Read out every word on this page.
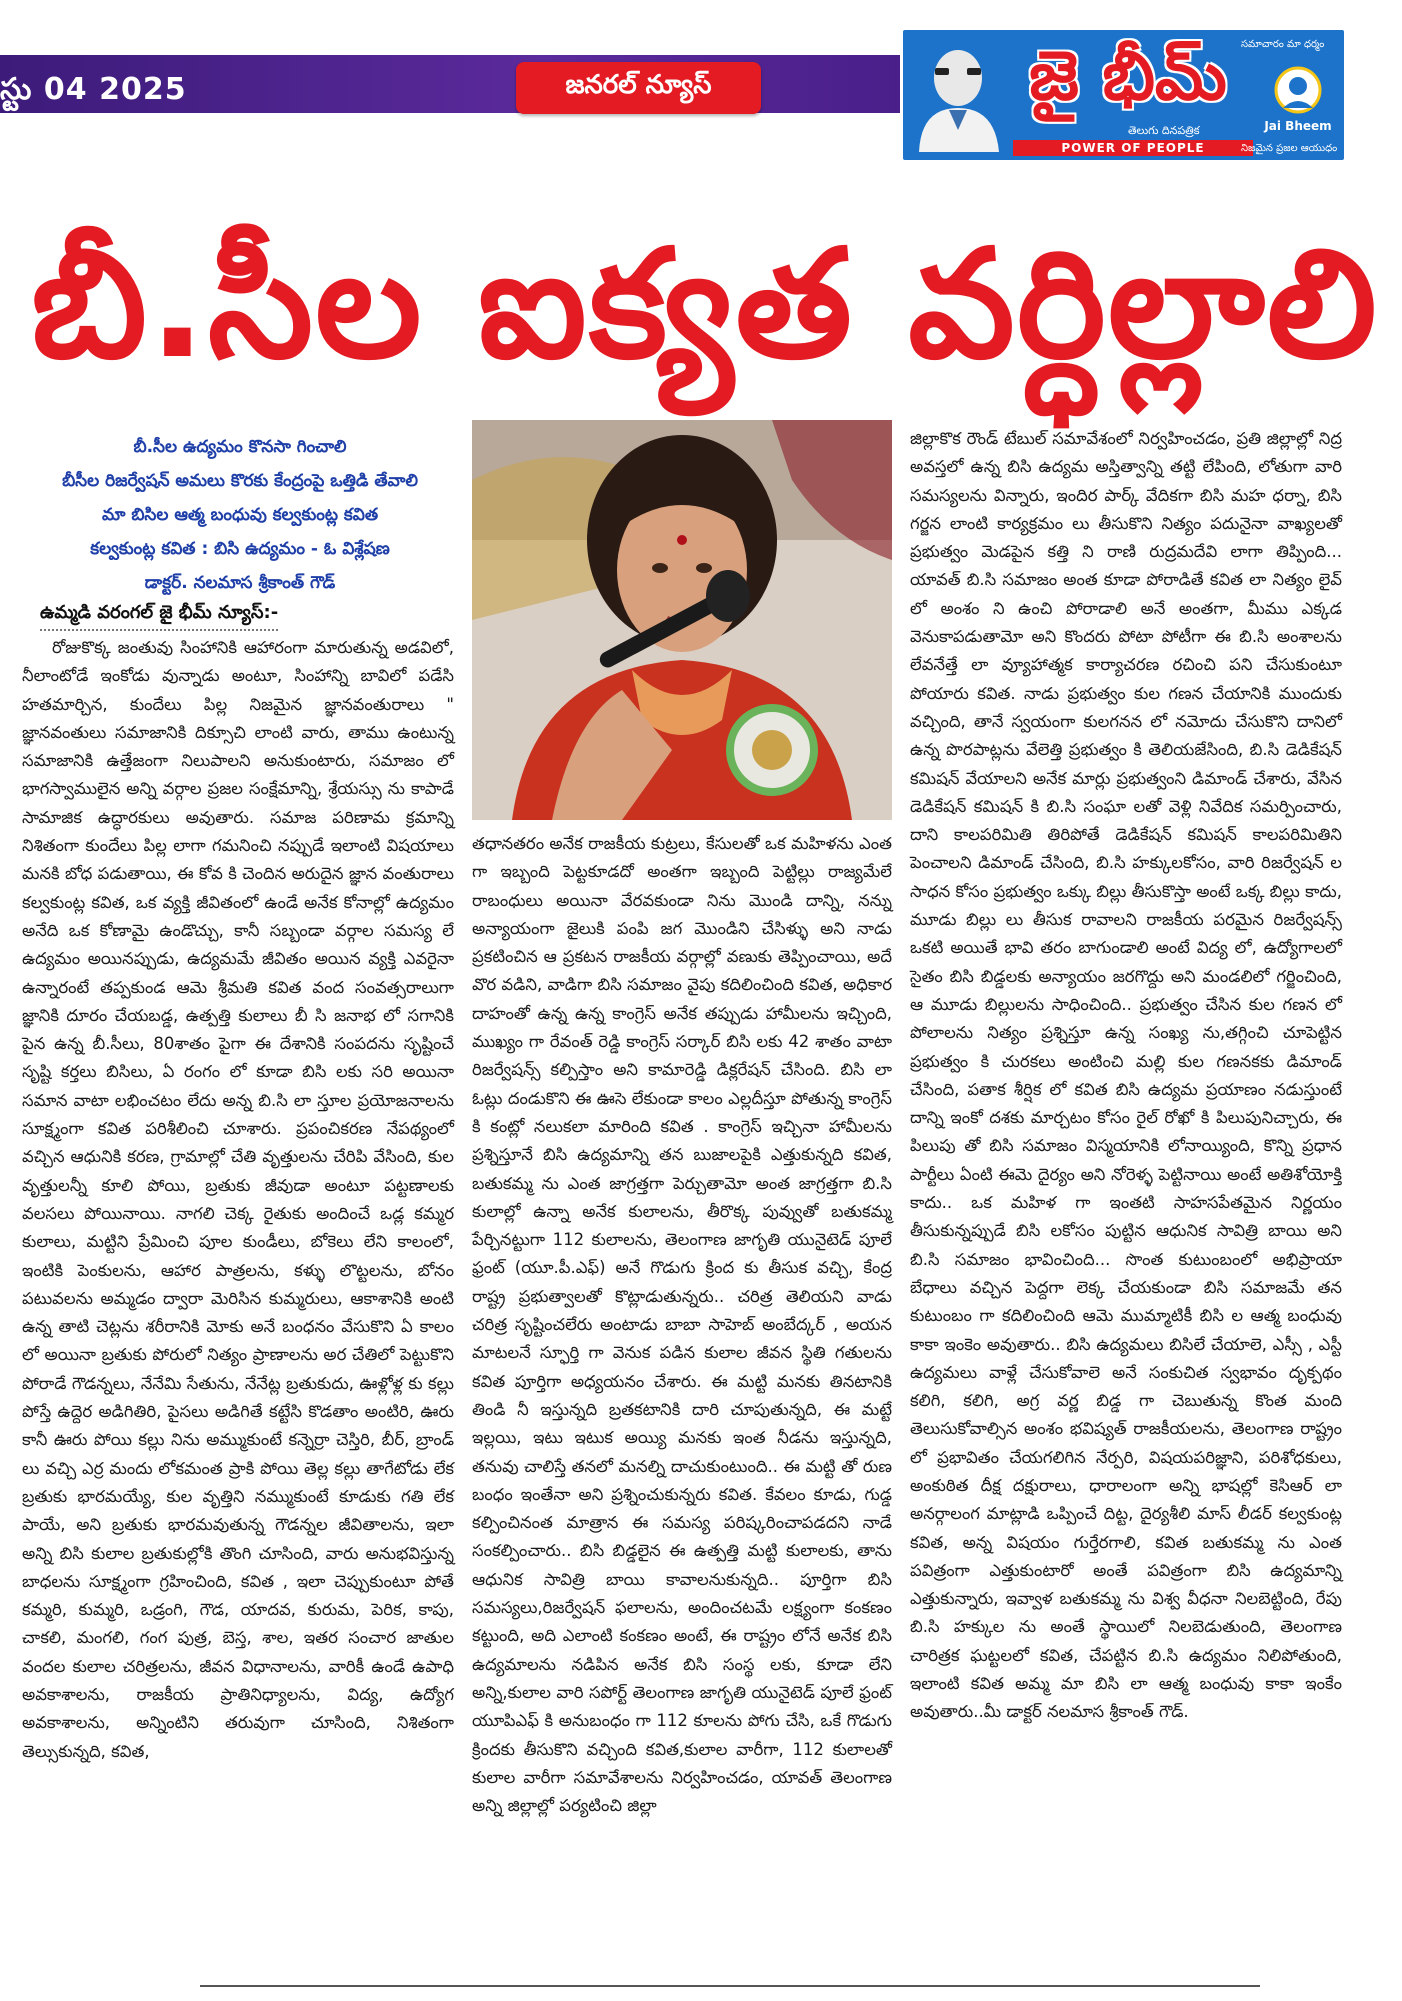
స్టు 04 2025	జనరల్ న్యూస్
సమాచారం మా ధర్మం
జై భీమ్
తెలుగు దినపత్రిక
POWER OF PEOPLE
Jai Bheem
నిజమైన ప్రజల ఆయుధం
బీ.సీల ఐక్యత వర్ధిల్లాలి
బీ.సీల ఉద్యమం కొనసా గించాలి
బీసీల రిజర్వేషన్ అమలు కొరకు కేంద్రంపై ఒత్తిడి తేవాలి
మా బిసిల ఆత్మ బంధువు కల్వకుంట్ల కవిత
కల్వకుంట్ల కవిత : బిసి ఉద్యమం - ఓ విశ్లేషణ
డాక్టర్. నలమాస శ్రీకాంత్ గౌడ్
ఉమ్మడి వరంగల్ జై భీమ్ న్యూస్:-

రోజుకొక్క జంతువు సింహానికి ఆహారంగా మారుతున్న అడవిలో, నీలాంటోడే ఇంకోడు వున్నాడు అంటూ, సింహాన్ని బావిలో పడేసి హతమార్చిన, కుందేలు పిల్ల నిజమైన జ్ఞానవంతురాలు " జ్ఞానవంతులు సమాజానికి దిక్సూచి లాంటి వారు, తాము ఉంటున్న సమాజానికి ఉత్తేజంగా నిలుపాలని అనుకుంటారు, సమాజం లో భాగస్వాములైన అన్ని వర్గాల ప్రజల సంక్షేమాన్ని, శ్రేయస్సు ను కాపాడే సామాజిక ఉద్ధారకులు అవుతారు. సమాజ పరిణామ క్రమాన్ని నిశితంగా కుందేలు పిల్ల లాగా గమనించి నప్పుడే ఇలాంటి విషయాలు మనకి బోధ పడుతాయి, ఈ కోవ కి చెందిన అరుదైన జ్ఞాన వంతురాలు కల్వకుంట్ల కవిత, ఒక వ్యక్తి జీవితంలో ఉండే అనేక కోనాల్లో ఉద్యమం అనేది ఒక కోణామై ఉండొచ్చు, కానీ సబ్బండా వర్గాల సమస్య లే ఉద్యమం అయినప్పుడు, ఉద్యమమే జీవితం అయిన వ్యక్తి ఎవరైనా ఉన్నారంటే తప్పకుండ ఆమె శ్రీమతి కవిత వంద సంవత్సరాలుగా జ్ఞానికి దూరం చేయబడ్డ, ఉత్పత్తి కులాలు బీ సి జనాభ లో సగానికి పైన ఉన్న బీ.సీలు, 80శాతం పైగా ఈ దేశానికి సంపదను సృష్టించే సృష్టి కర్తలు బిసిలు, ఏ రంగం లో కూడా బిసి లకు సరి అయినా సమాన వాటా లభించటం లేదు అన్న బి.సి లా స్తూల ప్రయోజనాలను సూక్ష్మంగా కవిత పరిశీలించి చూశారు. ప్రపంచికరణ నేపథ్యంలో వచ్చిన ఆధునికి కరణ, గ్రామాల్లో చేతి వృత్తులను చేరిపి వేసింది, కుల వృత్తులన్నీ కూలి పోయి, బ్రతుకు జీవుడా అంటూ పట్టణాలకు వలసలు పోయినాయి. నాగలి చెక్క రైతుకు అందించే ఒడ్ల కమ్మర కులాలు, మట్టిని ప్రేమించి పూల కుండీలు, బోకెలు లేని కాలంలో, ఇంటికి పెంకులను, ఆహార పాత్రలను, కళ్ళు లొట్టలను, బోనం పటువలను అమ్మడం ద్వారా మెరిసిన కుమ్మరులు, ఆకాశానికి అంటి ఉన్న తాటి చెట్లను శరీరానికి మోకు అనే బంధనం వేసుకొని ఏ కాలం లో అయినా బ్రతుకు పోరులో నిత్యం ప్రాణాలను అర చేతిలో పెట్టుకొని పోరాడే గౌడన్నలు, నేనేమి సేతును, నేనేట్ల బ్రతుకుదు, ఊళ్లోళ్ల కు కల్లు పోస్తే ఉద్దెర అడిగితిరి, పైసలు అడిగితే కట్టేసి కొడతాం అంటిరి, ఊరు కానీ ఊరు పోయి కల్లు నిను అమ్ముకుంటే కన్నెర్రా చెస్తిరి, బీర్, బ్రాండ్ లు వచ్చి ఎర్ర మందు లోకమంత ప్రాకి పోయి తెల్ల కల్లు తాగేటోడు లేక బ్రతుకు భారమయ్యే, కుల వృత్తిని నమ్ముకుంటే కూడుకు గతి లేక పాయే, అని బ్రతుకు భారమవుతున్న గౌడన్నల జీవితాలను, ఇలా అన్ని బిసి కులాల బ్రతుకుల్లోకి తొంగి చూసింది, వారు అనుభవిస్తున్న బాధలను సూక్ష్మంగా గ్రహించింది, కవిత , ఇలా చెప్పుకుంటూ పోతే కమ్మరి, కుమ్మరి, ఒడ్రంగి, గౌడ, యాదవ, కురుమ, పెరిక, కాపు, చాకలి, మంగలి, గంగ పుత్ర, బెస్త, శాల, ఇతర సంచార జాతుల వందల కులాల చరిత్రలను, జీవన విధానాలను, వారికీ ఉండే ఉపాధి అవకాశాలను, రాజకీయ ప్రాతినిధ్యాలను, విద్య, ఉద్యోగ అవకాశాలను, అన్నింటిని తరువుగా చూసింది, నిశితంగా తెల్సుకున్నది, కవిత,

తధానతరం అనేక రాజకీయ కుట్రలు, కేసులతో ఒక మహిళను ఎంత గా ఇబ్బంది పెట్టకూడదో అంతగా ఇబ్బంది పెట్టిల్లు రాజ్యమేలే రాబంధులు అయినా వేరవకుండా నిను మొండి దాన్ని, నన్ను అన్యాయంగా జైలుకి పంపి జగ మొండిని చేసిళ్ళు అని నాడు ప్రకటించిన ఆ ప్రకటన రాజకీయ వర్గాల్లో వణుకు తెప్పించాయి, అదే వొర వడిని, వాడిగా బిసి సమాజం వైపు కదిలించింది కవిత, అధికార దాహంతో ఉన్న ఉన్న కాంగ్రెస్ అనేక తప్పుడు హామీలను ఇచ్చింది, ముఖ్యం గా రేవంత్ రెడ్డి కాంగ్రెస్ సర్కార్ బిసి లకు 42 శాతం వాటా రిజర్వేషన్స్ కల్పిస్తాం అని కామారెడ్డి డిక్లరేషన్ చేసింది. బిసి లా ఓట్లు దండుకొని ఈ ఊసె లేకుండా కాలం ఎల్లదీస్తూ పోతున్న కాంగ్రెస్ కి కంట్లో నలుకలా మారింది కవిత . కాంగ్రెస్ ఇచ్చినా హామీలను ప్రశ్నిస్తూనే బిసి ఉద్యమాన్ని తన బుజాలపైకి ఎత్తుకున్నది కవిత, బతుకమ్మ ను ఎంత జాగ్రత్తగా పెర్చుతామో అంత జాగ్రత్తగా బి.సి కులాల్లో ఉన్నా అనేక కులాలను, తీరొక్క పువ్వుతో బతుకమ్మ పేర్చినట్టుగా 112 కులాలను, తెలంగాణ జాగృతి యునైటెడ్ పూలే ఫ్రంట్ (యూ.పీ.ఎఫ్) అనే గొడుగు క్రింద కు తీసుక వచ్చి, కేంద్ర రాష్ట్ర ప్రభుత్వాలతో కొట్లాడుతున్నరు.. చరిత్ర తెలియని వాడు చరిత్ర సృష్టించలేరు అంటాడు బాబా సాహెబ్ అంబేద్కర్ , అయన మాటలనే స్ఫూర్తి గా వెనుక పడిన కులాల జీవన స్థితి గతులను కవిత పూర్తిగా అధ్యయనం చేశారు. ఈ మట్టి మనకు తినటానికి తిండి నీ ఇస్తున్నది బ్రతకటానికి దారి చూపుతున్నది, ఈ మట్టే ఇల్లయి, ఇటు ఇటుక అయ్యి మనకు ఇంత నీడను ఇస్తున్నది, తనువు చాలిస్తే తనలో మనల్ని దాచుకుంటుంది.. ఈ మట్టి తో రుణ బంధం ఇంతేనా అని ప్రశ్నించుకున్నరు కవిత. కేవలం కూడు, గుడ్డ కల్పించినంత మాత్రాన ఈ సమస్య పరిష్కరించాపడదని నాడే సంకల్పించారు.. బిసి బిడ్డలైన ఈ ఉత్పత్తి మట్టి కులాలకు, తాను ఆధునిక సావిత్రి బాయి కావాలనుకున్నది.. పూర్తిగా బిసి సమస్యలు,రిజర్వేషన్ ఫలాలను, అందించటమే లక్ష్యంగా కంకణం కట్టుంది, అది ఎలాంటి కంకణం అంటే, ఈ రాష్ట్రం లోనే అనేక బిసి ఉద్యమాలను నడిపిన అనేక బిసి సంస్థ లకు, కూడా లేని అన్ని,కులాల వారి సపోర్ట్ తెలంగాణ జాగృతి యునైటెడ్ పూలే ఫ్రంట్ యూపిఎఫ్ కి అనుబంధం గా 112 కూలను పోగు చేసి, ఒకే గొడుగు క్రిందకు తీసుకొని వచ్చింది కవిత,కులాల వారీగా, 112 కులాలతో కులాల వారీగా సమావేశాలను నిర్వహించడం, యావత్ తెలంగాణ అన్ని జిల్లాల్లో పర్యటించి జిల్లా

జిల్లాకొక రౌండ్ టేబుల్ సమావేశంలో నిర్వహించడం, ప్రతి జిల్లాల్లో నిద్ర అవస్తలో ఉన్న బిసి ఉద్యమ అస్తిత్వాన్ని తట్టి లేపింది, లోతుగా వారి సమస్యలను విన్నారు, ఇందిర పార్క్ వేదికగా బిసి మహ ధర్నా, బిసి గర్జన లాంటి కార్యక్రమం లు తీసుకొని నిత్యం పదునైనా వాఖ్యలతో ప్రభుత్వం మెడపైన కత్తి ని రాణి రుద్రమదేవి లాగా తిప్పింది... యావత్ బి.సి సమాజం అంత కూడా పోరాడితే కవిత లా నిత్యం లైవ్ లో అంశం ని ఉంచి పోరాడాలి అనే అంతగా, మీము ఎక్కడ వెనుకాపడుతామో అని కొందరు పోటా పోటీగా ఈ బి.సి అంశాలను లేవనేత్తే లా వ్యూహాత్మక కార్యాచరణ రచించి పని చేసుకుంటూ పోయారు కవిత. నాడు ప్రభుత్వం కుల గణన చేయానికి ముందుకు వచ్చింది, తానే స్వయంగా కులగనన లో నమోదు చేసుకొని దానిలో ఉన్న పొరపాట్లను వేలెత్తి ప్రభుత్వం కి తెలియజేసింది, బి.సి డెడికేషన్ కమిషన్ వేయాలని అనేక మార్లు ప్రభుత్వంని డిమాండ్ చేశారు, వేసిన డెడికేషన్ కమిషన్ కి బి.సి సంఘా లతో వెళ్లి నివేదిక సమర్పించారు, దాని కాలపరిమితి తిరిపోతే డెడికేషన్ కమిషన్ కాలపరిమితిని పెంచాలని డిమాండ్ చేసింది, బి.సి హక్కులకోసం, వారి రిజర్వేషన్ ల సాధన కోసం ప్రభుత్వం ఒక్కు బిల్లు తీసుకొస్తా అంటే ఒక్క బిల్లు కాదు, మూడు బిల్లు లు తీసుక రావాలని రాజకీయ పరమైన రిజర్వేషన్స్ ఒకటి అయితే భావి తరం బాగుండాలి అంటే విద్య లో, ఉద్యోగాలలో సైతం బిసి బిడ్డలకు అన్యాయం జరగొద్దు అని మండలిలో గర్జించింది, ఆ మూడు బిల్లులను సాధించింది.. ప్రభుత్వం చేసిన కుల గణన లో పోలాలను నిత్యం ప్రశ్నిస్తూ ఉన్న సంఖ్య ను,తగ్గించి చూపెట్టిన ప్రభుత్వం కి చురకలు అంటించి మల్లి కుల గణనకకు డిమాండ్ చేసింది, పతాక శీర్షిక లో కవిత బిసి ఉద్యమ ప్రయాణం నడుస్తుంటే దాన్ని ఇంకో దశకు మార్చటం కోసం రైల్ రోఖో కి పిలుపునిచ్చారు, ఈ పిలుపు తో బిసి సమాజం విస్మయానికి లోనాయ్యింది, కొన్ని ప్రధాన పార్టీలు ఏంటి ఈమె దైర్యం అని నోరెళ్ళ పెట్టినాయి అంటే అతిశోయోక్తి కాదు.. ఒక మహిళ గా ఇంతటి సాహసపేతమైన నిర్ణయం తీసుకున్నప్పుడే బిసి లకోసం పుట్టిన ఆధునిక సావిత్రి బాయి అని బి.సి సమాజం భావించింది... సొంత కుటుంబంలో అభిప్రాయా బేధాలు వచ్చిన పెద్దగా లెక్క చేయకుండా బిసి సమాజమే తన కుటుంబం గా కదిలించింది ఆమె ముమ్మాటికీ బిసి ల ఆత్మ బంధువు కాకా ఇంకెం అవుతారు.. బిసి ఉద్యమలు బిసిలే చేయాలె, ఎస్సీ , ఎస్టీ ఉద్యమలు వాళ్లే చేసుకోవాలె అనే సంకుచిత స్వభావం దృక్పథం కలిగి, కలిగి, అగ్ర వర్ణ బిడ్డ గా చెబుతున్న కొంత మంది తెలుసుకోవాల్సిన అంశం భవిష్యత్ రాజకీయలను, తెలంగాణ రాష్ట్రం లో ప్రభావితం చేయగలిగిన నేర్పరి, విషయపరిజ్ఞాని, పరిశోధకులు, అంకుఠిత దీక్ష దక్షురాలు, ధారాలంగా అన్ని భాషల్లో కెసిఆర్ లా అనర్గాలంగ మాట్లాడి ఒప్పించే దిట్ట, దైర్యశీలి మాస్ లీడర్ కల్వకుంట్ల కవిత, అన్న విషయం గుర్తేరగాలి, కవిత బతుకమ్మ ను ఎంత పవిత్రంగా ఎత్తుకుంటారో అంతే పవిత్రంగా బిసి ఉద్యమాన్ని ఎత్తుకున్నారు, ఇవ్వాళ బతుకమ్మ ను విశ్వ వీధనా నిలబెట్టింది, రేపు బి.సి హక్కుల ను అంతే స్థాయిలో నిలబెడుతుంది, తెలంగాణ చారిత్రక ఘట్టలలో కవిత, చేపట్టిన బి.సి ఉద్యమం నిలిపోతుంది, ఇలాంటి కవిత అమ్మ మా బిసి లా ఆత్మ బంధువు కాకా ఇంకేం అవుతారు..మీ డాక్టర్ నలమాస శ్రీకాంత్ గౌడ్.
